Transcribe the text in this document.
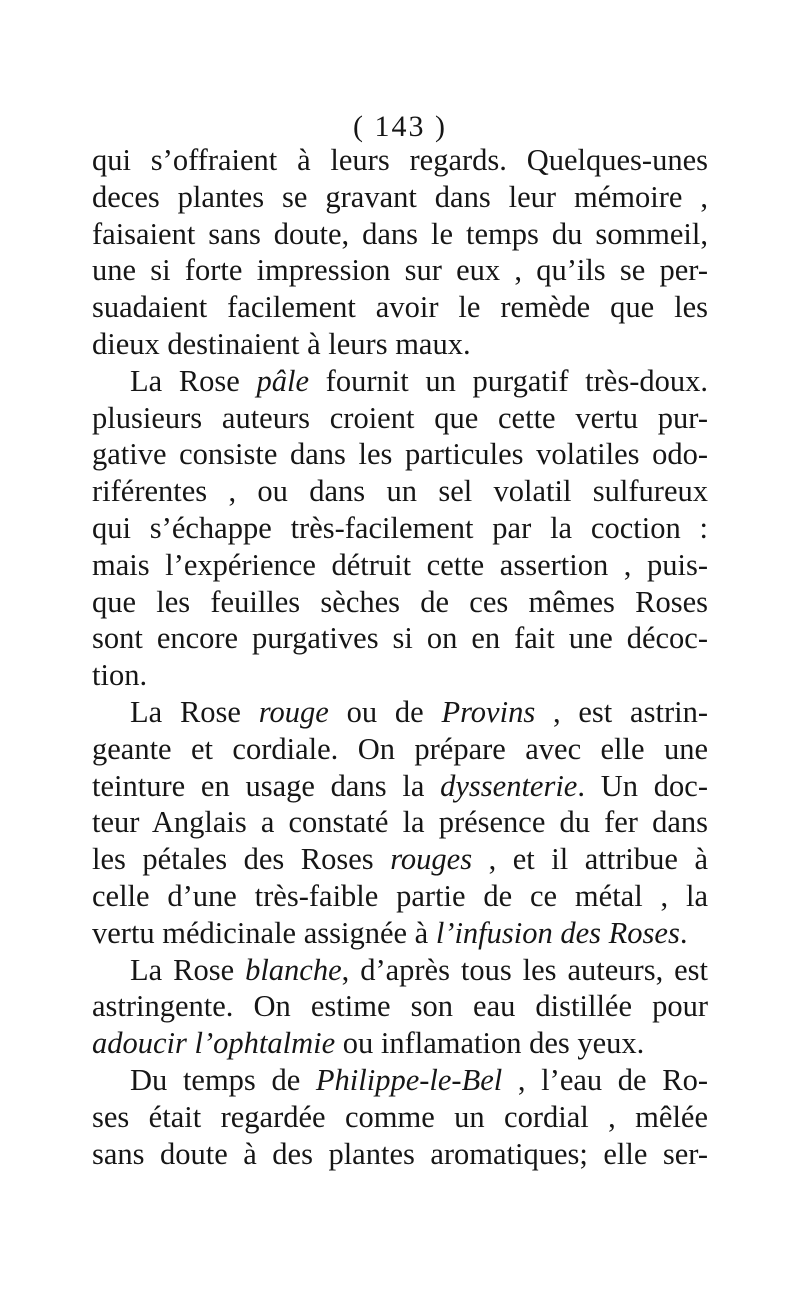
( 143 )
qui s’offraient à leurs regards. Quelques-unes
deces plantes se gravant dans leur mémoire ,
faisaient sans doute, dans le temps du sommeil,
une si forte impression sur eux , qu’ils se per-
suadaient facilement avoir le remède que les
dieux destinaient à leurs maux.
La Rose pâle fournit un purgatif très-doux.
plusieurs auteurs croient que cette vertu pur-
gative consiste dans les particules volatiles odo-
riférentes , ou dans un sel volatil sulfureux
qui s’échappe très-facilement par la coction :
mais l’expérience détruit cette assertion , puis-
que les feuilles sèches de ces mêmes Roses
sont encore purgatives si on en fait une décoc-
tion.
La Rose rouge ou de Provins , est astrin-
geante et cordiale. On prépare avec elle une
teinture en usage dans la dyssenterie. Un doc-
teur Anglais a constaté la présence du fer dans
les pétales des Roses rouges , et il attribue à
celle d’une très-faible partie de ce métal , la
vertu médicinale assignée à l’infusion des Roses.
La Rose blanche, d’après tous les auteurs, est
astringente. On estime son eau distillée pour
adoucir l’ophtalmie ou inflamation des yeux.
Du temps de Philippe-le-Bel , l’eau de Ro-
ses était regardée comme un cordial , mêlée
sans doute à des plantes aromatiques; elle ser-
